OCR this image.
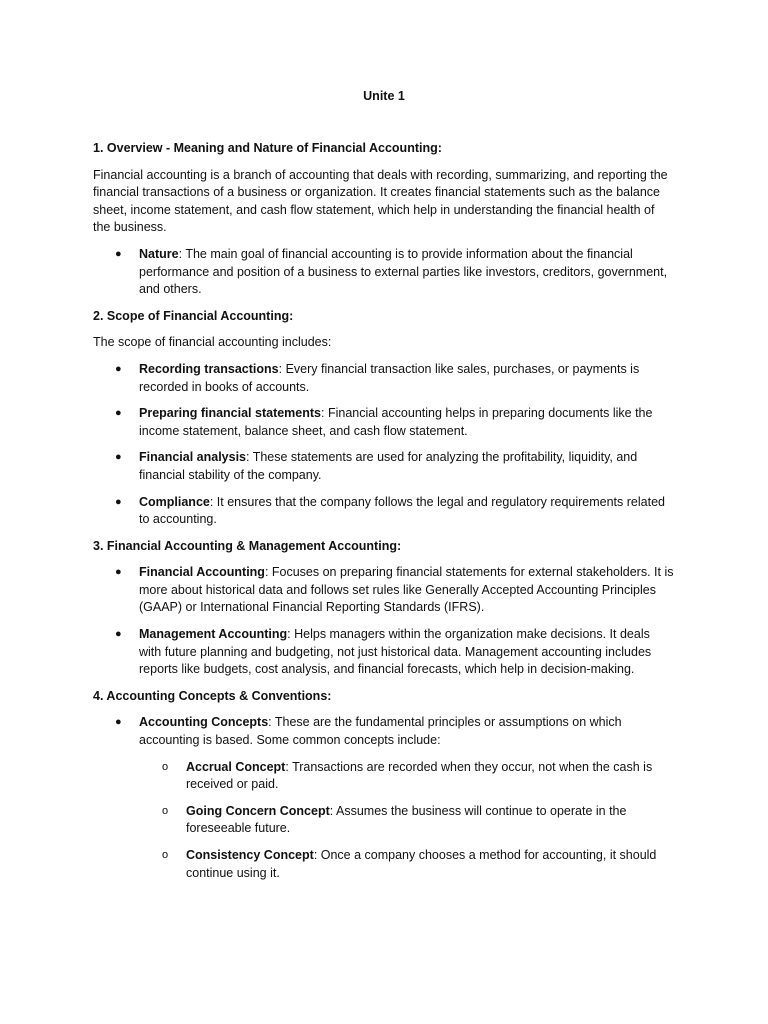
Unite 1
1. Overview - Meaning and Nature of Financial Accounting:

Financial accounting is a branch of accounting that deals with recording, summarizing, and reporting the financial transactions of a business or organization. It creates financial statements such as the balance sheet, income statement, and cash flow statement, which help in understanding the financial health of the business.

● Nature: The main goal of financial accounting is to provide information about the financial performance and position of a business to external parties like investors, creditors, government, and others.
2. Scope of Financial Accounting:

The scope of financial accounting includes:

● Recording transactions: Every financial transaction like sales, purchases, or payments is recorded in books of accounts.
● Preparing financial statements: Financial accounting helps in preparing documents like the income statement, balance sheet, and cash flow statement.
● Financial analysis: These statements are used for analyzing the profitability, liquidity, and financial stability of the company.
● Compliance: It ensures that the company follows the legal and regulatory requirements related to accounting.
3. Financial Accounting & Management Accounting:
● Financial Accounting: Focuses on preparing financial statements for external stakeholders. It is more about historical data and follows set rules like Generally Accepted Accounting Principles (GAAP) or International Financial Reporting Standards (IFRS).
● Management Accounting: Helps managers within the organization make decisions. It deals with future planning and budgeting, not just historical data. Management accounting includes reports like budgets, cost analysis, and financial forecasts, which help in decision-making.
4. Accounting Concepts & Conventions:
● Accounting Concepts: These are the fundamental principles or assumptions on which accounting is based. Some common concepts include:
o Accrual Concept: Transactions are recorded when they occur, not when the cash is received or paid.
o Going Concern Concept: Assumes the business will continue to operate in the foreseeable future.
o Consistency Concept: Once a company chooses a method for accounting, it should continue using it.
